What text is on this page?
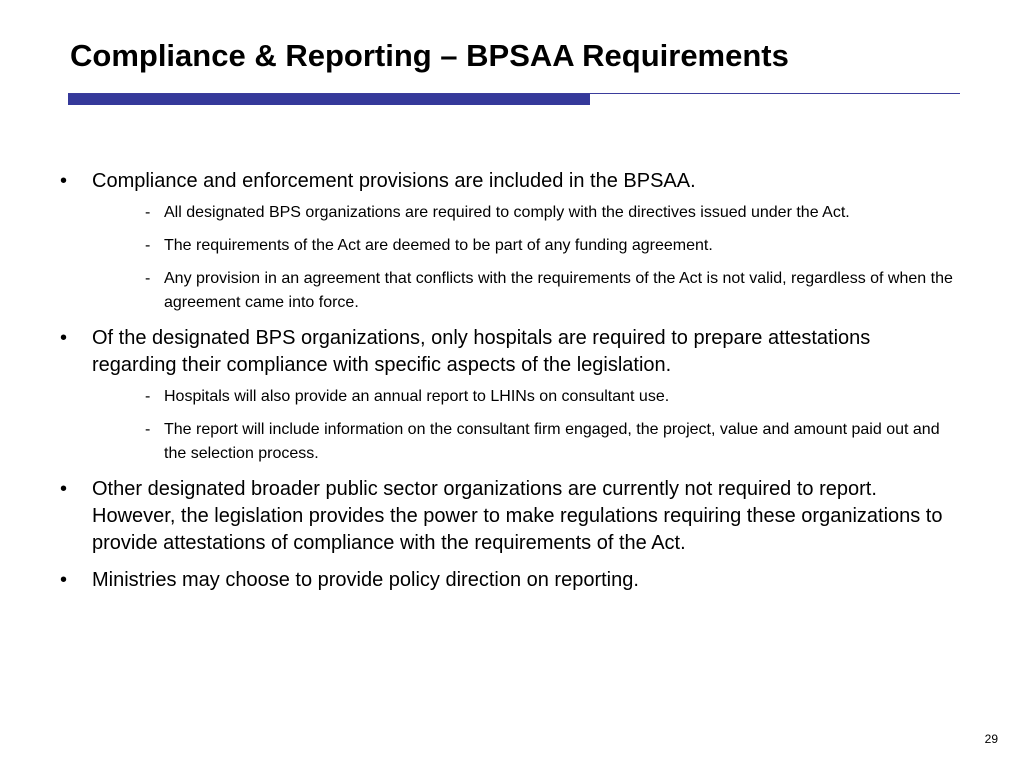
Compliance & Reporting – BPSAA Requirements
•	Compliance and enforcement provisions are included in the BPSAA.
- All designated BPS organizations are required to comply with the directives issued under the Act.
- The requirements of the Act are deemed to be part of any funding agreement.
- Any provision in an agreement that conflicts with the requirements of the Act is not valid, regardless of when the agreement came into force.
•	Of the designated BPS organizations, only hospitals are required to prepare attestations regarding their compliance with specific aspects of the legislation.
- Hospitals will also provide an annual report to LHINs on consultant use.
- The report will include information on the consultant firm engaged, the project, value and amount paid out and the selection process.
•	Other designated broader public sector organizations are currently not required to report. However, the legislation provides the power to make regulations requiring these organizations to provide attestations of compliance with the requirements of the Act.
•	Ministries may choose to provide policy direction on reporting.
29
